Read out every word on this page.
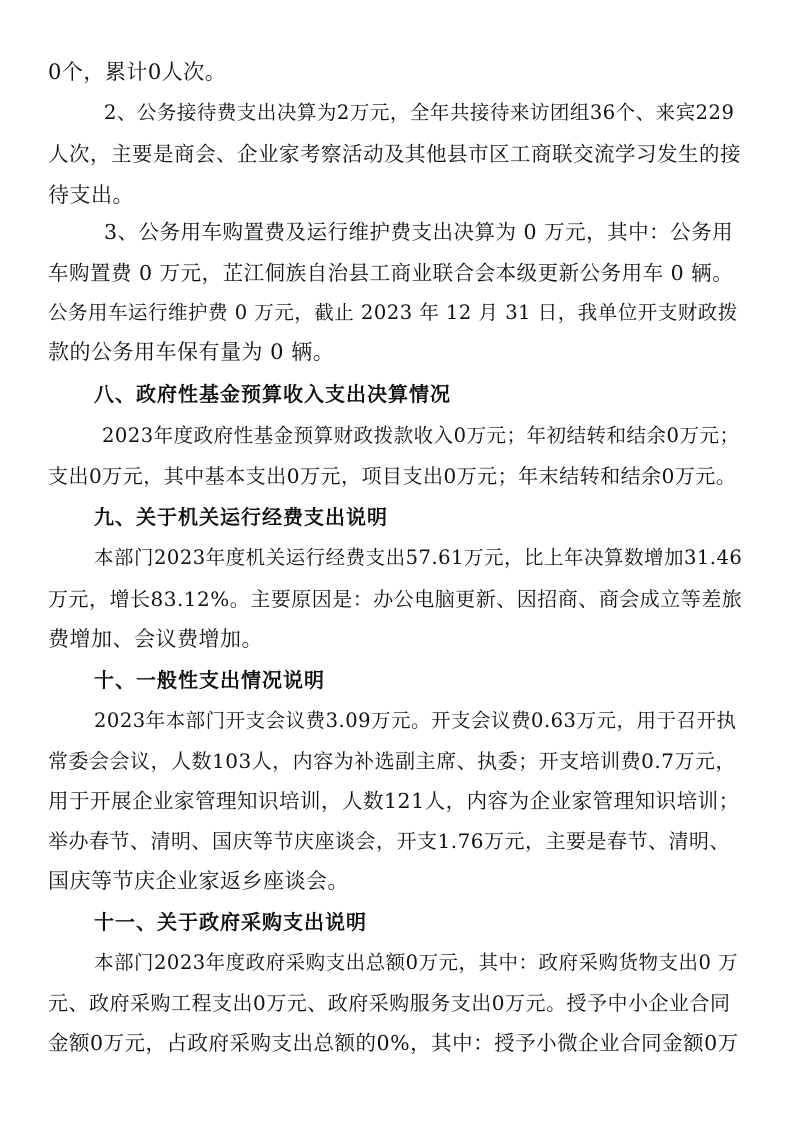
0个，累计0人次。
2、公务接待费支出决算为2万元，全年共接待来访团组36个、来宾229
人次，主要是商会、企业家考察活动及其他县市区工商联交流学习发生的接
待支出。
3、公务用车购置费及运行维护费支出决算为 0 万元，其中：公务用
车购置费 0 万元，芷江侗族自治县工商业联合会本级更新公务用车 0 辆。
公务用车运行维护费 0 万元，截止 2023 年 12 月 31 日，我单位开支财政拨
款的公务用车保有量为 0 辆。
八、政府性基金预算收入支出决算情况
2023年度政府性基金预算财政拨款收入0万元；年初结转和结余0万元；
支出0万元，其中基本支出0万元，项目支出0万元；年末结转和结余0万元。
九、关于机关运行经费支出说明
本部门2023年度机关运行经费支出57.61万元，比上年决算数增加31.46
万元，增长83.12%。主要原因是：办公电脑更新、因招商、商会成立等差旅
费增加、会议费增加。
十、一般性支出情况说明
2023年本部门开支会议费3.09万元。开支会议费0.63万元，用于召开执
常委会会议，人数103人，内容为补选副主席、执委；开支培训费0.7万元，
用于开展企业家管理知识培训，人数121人，内容为企业家管理知识培训；
举办春节、清明、国庆等节庆座谈会，开支1.76万元，主要是春节、清明、
国庆等节庆企业家返乡座谈会。
十一、关于政府采购支出说明
本部门2023年度政府采购支出总额0万元，其中：政府采购货物支出0 万
元、政府采购工程支出0万元、政府采购服务支出0万元。授予中小企业合同
金额0万元，占政府采购支出总额的0%，其中：授予小微企业合同金额0万
